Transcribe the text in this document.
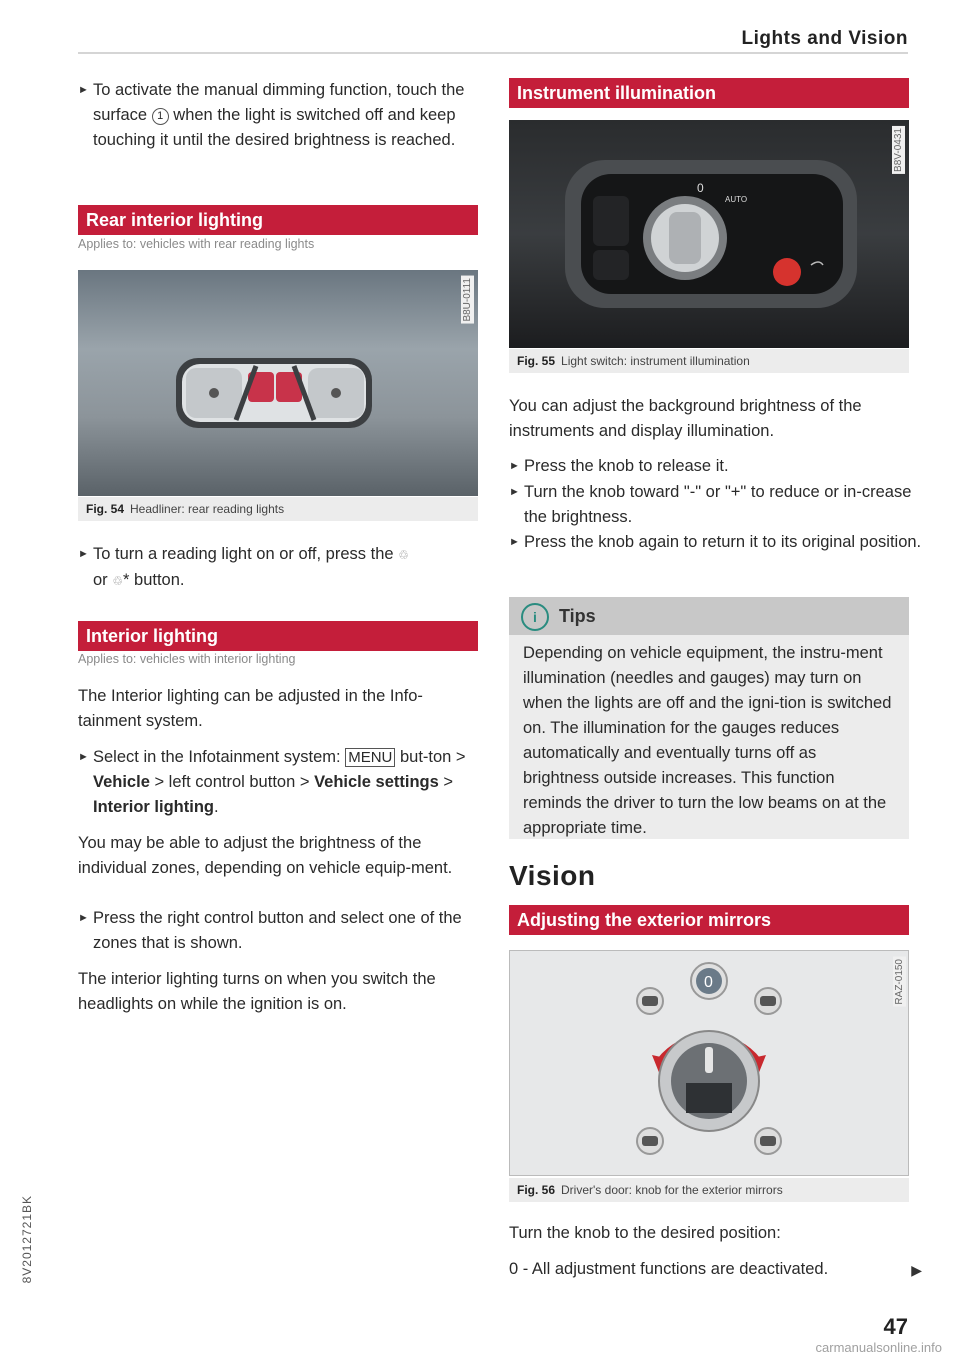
Lights and Vision
► To activate the manual dimming function, touch the surface 1 when the light is switched off and keep touching it until the desired brightness is reached.
Rear interior lighting
Applies to: vehicles with rear reading lights
B8U-0111
Fig. 54 Headliner: rear reading lights
► To turn a reading light on or off, press the ♲
or ♲* button.
Interior lighting
Applies to: vehicles with interior lighting
The Interior lighting can be adjusted in the Info-tainment system.
► Select in the Infotainment system: MENU but-ton > Vehicle > left control button > Vehicle settings > Interior lighting.
You may be able to adjust the brightness of the individual zones, depending on vehicle equip-ment.
► Press the right control button and select one of the zones that is shown.
The interior lighting turns on when you switch the headlights on while the ignition is on.
Instrument illumination
0
AUTO
B8V-0431
Fig. 55 Light switch: instrument illumination
You can adjust the background brightness of the instruments and display illumination.
► Press the knob to release it.
► Turn the knob toward "-" or "+" to reduce or in-crease the brightness.
► Press the knob again to return it to its original position.
i	Tips
Depending on vehicle equipment, the instru-ment illumination (needles and gauges) may turn on when the lights are off and the igni-tion is switched on. The illumination for the gauges reduces automatically and eventually turns off as brightness outside increases. This function reminds the driver to turn the low beams on at the appropriate time.
Vision
Adjusting the exterior mirrors
0	RAZ-0150
Fig. 56 Driver's door: knob for the exterior mirrors
Turn the knob to the desired position:
0 - All adjustment functions are deactivated.	▶
47
8V2012721BK
carmanualsonline.info
